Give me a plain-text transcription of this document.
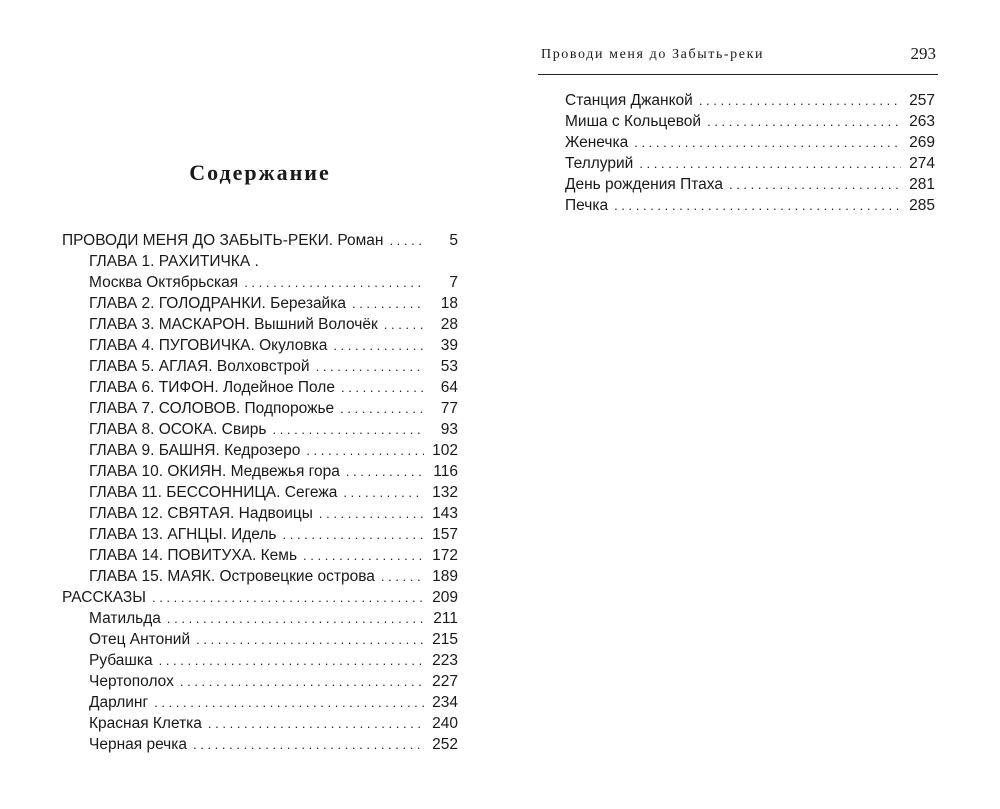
Содержание
Проводи меня до Забыть-реки	293
ПРОВОДИ МЕНЯ ДО ЗАБЫТЬ-РЕКИ. Роман . . .	5
ГЛАВА 1. РАХИТИЧКА .
Москва Октябрьская . . .	7
ГЛАВА 2. ГОЛОДРАНКИ. Березайка . . .	18
ГЛАВА 3. МАСКАРОН. Вышний Волочёк . . .	28
ГЛАВА 4. ПУГОВИЧКА. Окуловка . . .	39
ГЛАВА 5. АГЛАЯ. Волховстрой . . .	53
ГЛАВА 6. ТИФОН. Лодейное Поле . . .	64
ГЛАВА 7. СОЛОВОВ. Подпорожье . . .	77
ГЛАВА 8. ОСОКА. Свирь . . .	93
ГЛАВА 9. БАШНЯ. Кедрозеро . . .	102
ГЛАВА 10. ОКИЯН. Медвежья гора . . .	116
ГЛАВА 11. БЕССОННИЦА. Сегежа . . .	132
ГЛАВА 12. СВЯТАЯ. Надвоицы . . .	143
ГЛАВА 13. АГНЦЫ. Идель . . .	157
ГЛАВА 14. ПОВИТУХА. Кемь . . .	172
ГЛАВА 15. МАЯК. Островецкие острова . . .	189
РАССКАЗЫ . . .	209
Матильда . . .	211
Отец Антоний . . .	215
Рубашка . . .	223
Чертополох . . .	227
Дарлинг . . .	234
Красная Клетка . . .	240
Черная речка . . .	252
Станция Джанкой . . .	257
Миша с Кольцевой . . .	263
Женечка . . .	269
Теллурий . . .	274
День рождения Птаха . . .	281
Печка . . .	285
